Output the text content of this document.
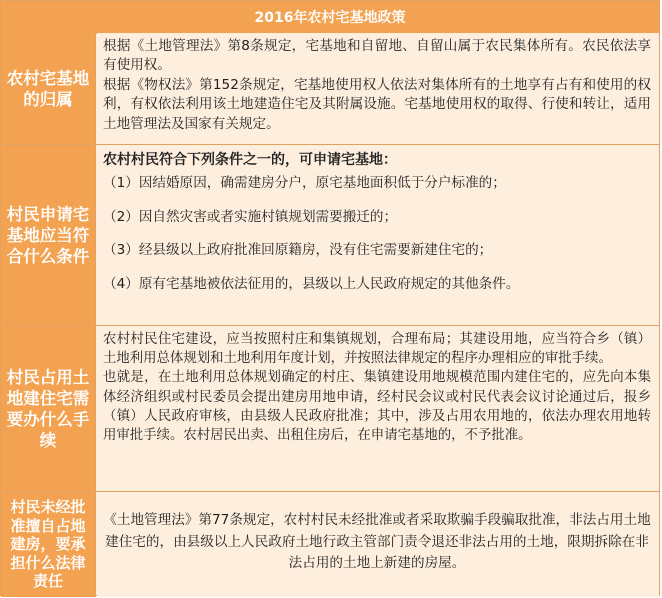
2016年农村宅基地政策
农村宅基地的归属

根据《土地管理法》第8条规定，宅基地和自留地、自留山属于农民集体所有。农民依法享有使用权。

根据《物权法》第152条规定，宅基地使用权人依法对集体所有的土地享有占有和使用的权利，有权依法利用该土地建造住宅及其附属设施。宅基地使用权的取得、行使和转让，适用土地管理法及国家有关规定。

村民申请宅基地应当符合什么条件

农村村民符合下列条件之一的，可申请宅基地：

（1）因结婚原因，确需建房分户，原宅基地面积低于分户标准的；

（2）因自然灾害或者实施村镇规划需要搬迁的；

（3）经县级以上政府批准回原籍房，没有住宅需要新建住宅的；

（4）原有宅基地被依法征用的，县级以上人民政府规定的其他条件。

村民占用土地建住宅需要办什么手续

农村村民住宅建设，应当按照村庄和集镇规划，合理布局；其建设用地，应当符合乡（镇）土地利用总体规划和土地利用年度计划，并按照法律规定的程序办理相应的审批手续。

也就是，在土地利用总体规划确定的村庄、集镇建设用地规模范围内建住宅的，应先向本集体经济组织或村民委员会提出建房用地申请，经村民会议或村民代表会议讨论通过后，报乡（镇）人民政府审核，由县级人民政府批准；其中，涉及占用农用地的，依法办理农用地转用审批手续。农村居民出卖、出租住房后，在申请宅基地的，不予批准。

村民未经批准擅自占地建房，要承担什么法律责任

《土地管理法》第77条规定，农村村民未经批准或者采取欺骗手段骗取批准，非法占用土地建住宅的，由县级以上人民政府土地行政主管部门责令退还非法占用的土地，限期拆除在非法占用的土地上新建的房屋。
